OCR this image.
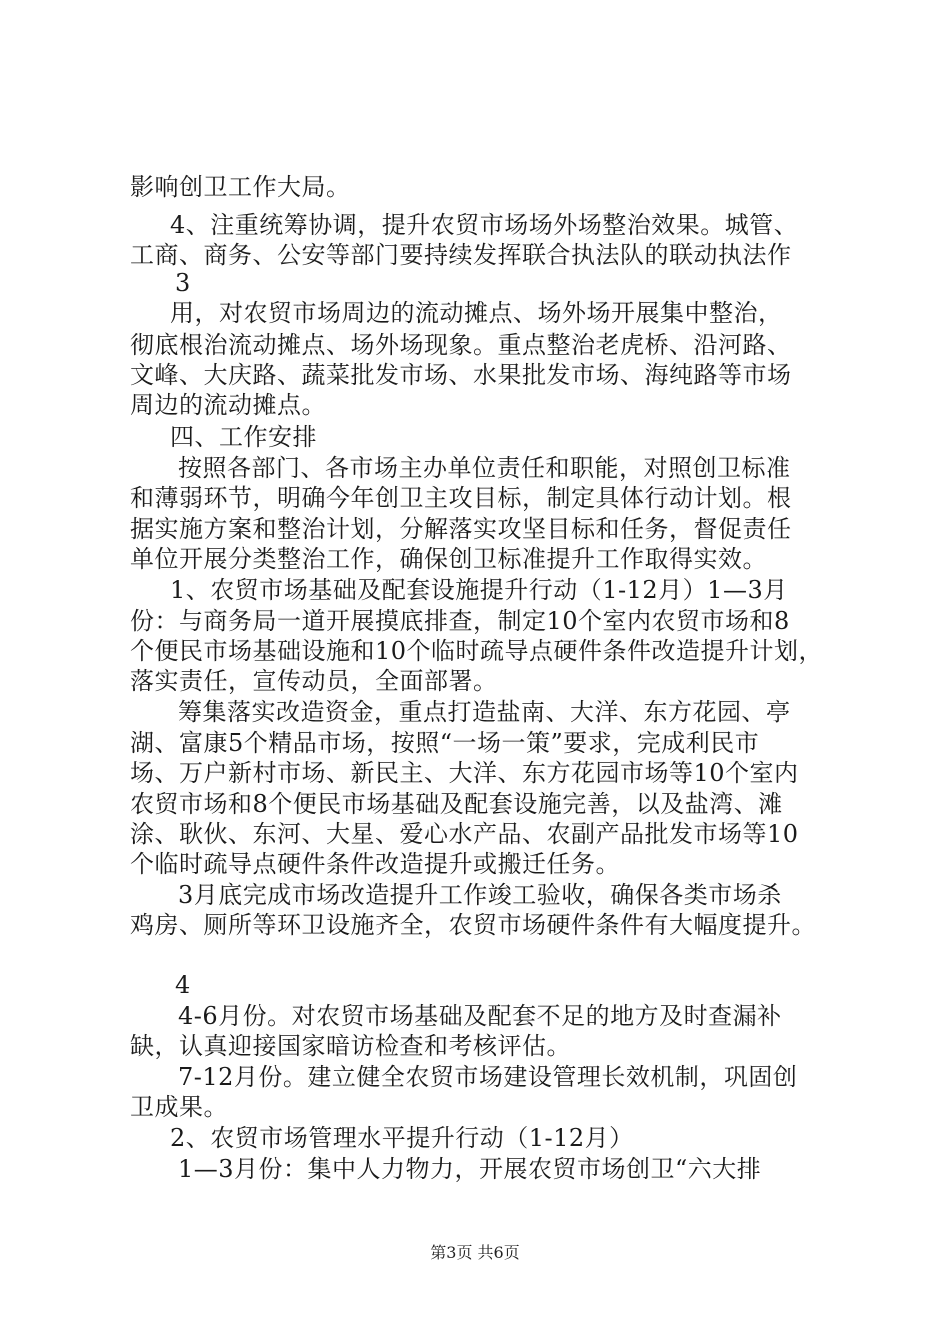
影响创卫工作大局。
4、注重统筹协调，提升农贸市场场外场整治效果。城管、
工商、商务、公安等部门要持续发挥联合执法队的联动执法作
3
用，对农贸市场周边的流动摊点、场外场开展集中整治，
彻底根治流动摊点、场外场现象。重点整治老虎桥、沿河路、
文峰、大庆路、蔬菜批发市场、水果批发市场、海纯路等市场
周边的流动摊点。
四、工作安排
按照各部门、各市场主办单位责任和职能，对照创卫标准
和薄弱环节，明确今年创卫主攻目标，制定具体行动计划。根
据实施方案和整治计划，分解落实攻坚目标和任务，督促责任
单位开展分类整治工作，确保创卫标准提升工作取得实效。
1、农贸市场基础及配套设施提升行动（1-12月）1—3月
份：与商务局一道开展摸底排查，制定10个室内农贸市场和8
个便民市场基础设施和10个临时疏导点硬件条件改造提升计划，
落实责任，宣传动员，全面部署。
筹集落实改造资金，重点打造盐南、大洋、东方花园、亭
湖、富康5个精品市场，按照“一场一策”要求，完成利民市
场、万户新村市场、新民主、大洋、东方花园市场等10个室内
农贸市场和8个便民市场基础及配套设施完善，以及盐湾、滩
涂、耿伙、东河、大星、爱心水产品、农副产品批发市场等10
个临时疏导点硬件条件改造提升或搬迁任务。
3月底完成市场改造提升工作竣工验收，确保各类市场杀
鸡房、厕所等环卫设施齐全，农贸市场硬件条件有大幅度提升。
4
4-6月份。对农贸市场基础及配套不足的地方及时查漏补
缺，认真迎接国家暗访检查和考核评估。
7-12月份。建立健全农贸市场建设管理长效机制，巩固创
卫成果。
2、农贸市场管理水平提升行动（1-12月）
1—3月份：集中人力物力，开展农贸市场创卫“六大排
第3页 共6页
